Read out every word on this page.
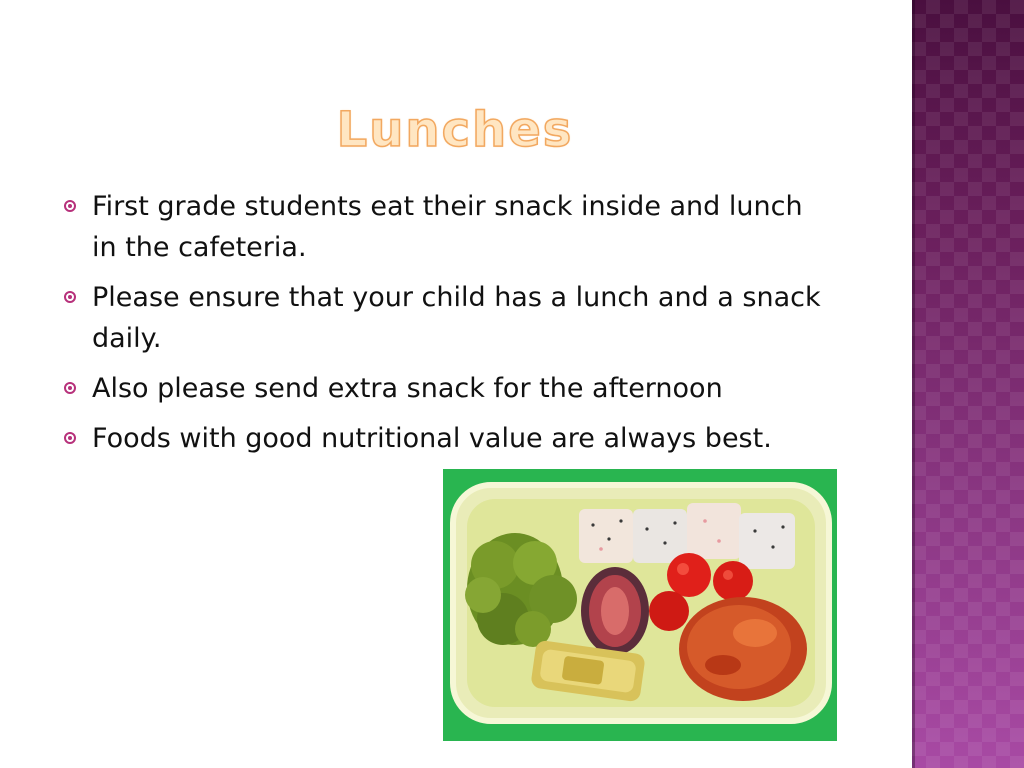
Lunches
First grade students eat their snack inside and lunch in the cafeteria.
Please ensure that your child has a lunch and a snack daily.
Also please send extra snack for the afternoon
Foods with good nutritional value are always best.
